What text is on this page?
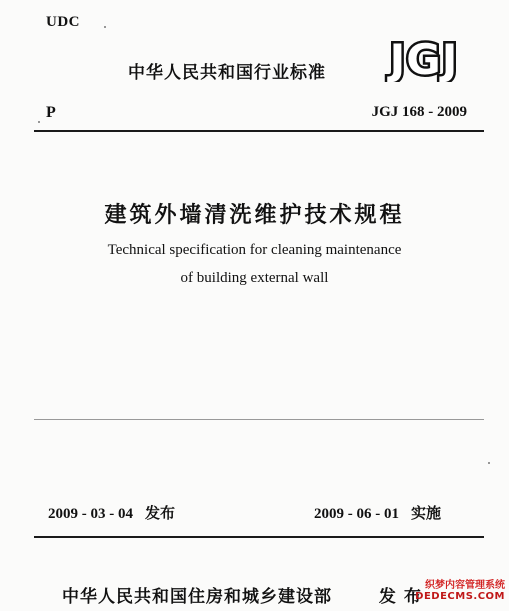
UDC
中华人民共和国行业标准 JGJ
P	JGJ 168 - 2009
建筑外墙清洗维护技术规程
Technical specification for cleaning maintenance
of building external wall
2009 - 03 - 04 发布	2009 - 06 - 01 实施
中华人民共和国住房和城乡建设部	发 布
织梦内容管理系统
DEDECMS.COM
